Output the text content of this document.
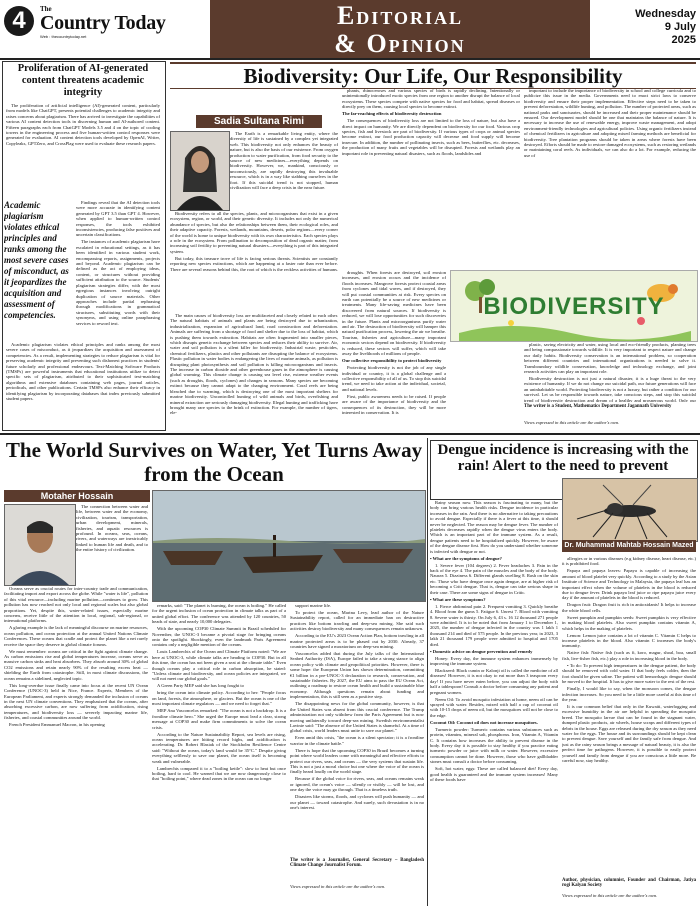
4	The
Country Today
Web : thecountrytoday.net
Editorial
& Opinion
Wednesday
9 July
2025
Proliferation of AI-generated content threatens academic integrity

The proliferation of artificial intelligence (AI)-generated content, particularly from models like ChatGPT, presents potential challenges to academic integrity and raises concerns about plagiarism. There has arrived to investigate the capabilities of various AI content detection tools in discerning human and AI-authored content. Fifteen paragraphs each from ChatGPT Models 3.5 and 4 on the topic of cooling towers in the engineering process and five human-written control responses were generated for evaluation. AI content detection tools developed by OpenAI, Writer, Copyleaks, GPTZero, and CrossPlag were used to evaluate these research papers.

Academic plagiarism violates ethical principles and ranks among the most severe cases of misconduct, as it jeopardizes the acquisition and assessment of competencies.

Findings reveal that the AI detection tools were more accurate in identifying content generated by GPT 3.5 than GPT 4. However, when applied to human-written control responses, the tools exhibited inconsistencies, producing false positives and uncertain classifications.

The instances of academic plagiarism have escalated in educational settings, as it has been identified in various student work, encompassing reports, assignments, projects and beyond. Academic plagiarism can be defined as the act of employing ideas, content, or structures without providing sufficient attribution to the source. Students' plagiarism strategies differ, with the most egregious instances involving outright duplication of source materials. Other approaches include partial rephrasing through modifications in grammatical structures, substituting words with their synonyms, and using online paraphrasing services to reword text.

Academic plagiarism violates ethical principles and ranks among the most severe cases of misconduct, as it jeopardizes the acquisition and assessment of competencies. As a result, implementing strategies to reduce plagiarism is vital for preserving academic integrity and preventing such dishonest practices in students' future scholarly and professional endeavours. Text-Matching Software Products (TMSPs) are powerful instruments that educational institutions utilize to detect specific sets of plagiarism, attributed to their sophisticated text-matching algorithms and extensive databases containing web pages, journal articles, periodicals, and other publications. Certain TMSPs also enhance their efficacy in identifying plagiarism by incorporating databases that index previously submitted student papers.

Biodiversity: Our Life, Our Responsibility
Sadia Sultana Rimi

The Earth is a remarkable living entity, where the diversity of life is sustained by a complex yet integrated web. This biodiversity not only enhances the beauty of nature, but is also the basis of our existence. From oxygen production to water purification, from food security to the source of new medicines—everything depends on biodiversity. However, we, mankind, consciously or unconsciously, are rapidly destroying this invaluable resource, which is in a way like stabbing ourselves in the foot. If this suicidal trend is not stopped, human civilization will face a deep crisis in the near future.

Biodiversity refers to all the species, plants, and microorganisms that exist in a given ecosystem, region, or world, and their genetic diversity. It includes not only the numerical abundance of species, but also the relationships between them, their ecological roles, and their adaptive capacity. Forests, wetlands, mountains, deserts, polar regions—every corner of the world is home to unique biodiversity with its own characteristics. Each species plays a role in the ecosystem. From pollination to decomposition of dead organic matter, from increasing soil fertility to preventing natural disasters—everything is part of this integrated system.

But today, this treasure trove of life is facing serious threats. Scientists are constantly reporting new species extinctions, which are happening at a faster rate than ever before. There are several reasons behind this, the root of which is the reckless activities of humans.

The main causes of biodiversity loss are multifaceted and closely related to each other. The natural habitats of animals and plants are being destroyed due to urbanization, industrialization, expansion of agricultural land, road construction and deforestation. Animals are suffering from a shortage of food and shelter due to the loss of habitat, which is pushing them towards extinction. Habitats are often fragmented into smaller pieces, which disrupts genetic exchange between species and reduces their ability to survive. Air, water and soil pollution is a silent killer for biodiversity. Industrial waste, pesticides, chemical fertilizers, plastics and other pollutants are disrupting the balance of ecosystems. Plastic pollution in water bodies is endangering the lives of marine animals, as pollution is disrupting plant photosynthesis and soil pollution is killing microorganisms and insects. The increase in carbon dioxide and other greenhouse gases in the atmosphere is causing global warming. This climate change is causing sea level rise, extreme weather events (such as droughts, floods, cyclones) and changes in seasons. Many species are becoming extinct because they cannot adapt to the changing environment. Coral reefs are being bleached due to warming, which is destroying one of the most important shelters for marine biodiversity. Uncontrolled hunting of wild animals and birds, overfishing and mineral extraction are seriously damaging biodiversity. Illegal hunting and trafficking have brought many rare species to the brink of extinction. For example, the number of tigers, ele-

phants, rhinoceroses and various species of birds is rapidly declining. Intentionally or unintentionally introduced exotic species from one region to another disrupt the balance of local ecosystems. These species compete with native species for food and habitat, spread diseases or directly prey on them, causing local species to become extinct.

The far-reaching effects of biodiversity destruction

The consequences of biodiversity loss are not limited to the loss of nature, but also have a direct impact on humanity. We are directly dependent on biodiversity for our food. Various crop species, fish and livestock are part of biodiversity. If various types of crops or animal species become extinct, our food production capacity will decrease and food supply will become insecure. In addition, the number of pollinating insects, such as bees, butterflies, etc. decreases, the production of many fruits and vegetables will be disrupted. Forests and wetlands play an important role in preventing natural disasters, such as floods, landslides and

important to include the importance of biodiversity in school and college curricula and to publicize this issue in the media. Governments need to enact strict laws to conserve biodiversity and ensure their proper implementation. Effective steps need to be taken to prevent deforestation, wildlife hunting, and pollution. The number of protected areas, such as national parks and sanctuaries, should be increased and their proper maintenance should be ensured. Our development model should be one that maintains the balance of nature. It is necessary to increase the use of renewable energy, improve waste management, and adopt environment-friendly technologies and agricultural policies. Using organic fertilizers instead of chemical fertilizers in agriculture and adopting mixed farming methods are beneficial for biodiversity. Tree plantation programs should be taken in areas where forests have been destroyed. Efforts should be made to restore damaged ecosystems, such as restoring wetlands or maintaining coral reefs. As individuals, we can also do a lot. For example, reducing the use of

BIODIVERSITY

droughts. When forests are destroyed, soil erosion increases, and erosion occurs and the incidence of floods increases. Mangrove forests protect coastal areas from cyclones and tidal waves, and if destroyed, they will put coastal communities at risk. Every species on earth can potentially be a source of new medicines or treatments. Many life-saving medicines have been discovered from natural sources. If biodiversity is reduced, we will lose opportunities for such discoveries in the future. Plants and microorganisms purify water and air. The destruction of biodiversity will hamper this natural purification process, lowering the air we breathe. Tourism, fisheries and agriculture—many important economic sectors depend on biodiversity. If biodiversity is reduced, these sectors will suffer, which will take away the livelihoods of millions of people.

Our collective responsibility to protect biodiversity

Protecting biodiversity is not the job of any single individual or country, it is a global challenge and a collective responsibility of all of us. To stop this suicidal trend, we need to take action at the individual, societal, and national levels.

First, public awareness needs to be raised. If people are aware of the importance of biodiversity and the consequences of its destruction, they will be more interested in conservation. It is

plastic, saving electricity and water, using local and eco-friendly products, planting trees and being compassionate towards wildlife. It is very important to respect nature and change our daily habits. Biodiversity conservation is an international problem, so cooperation between different countries and international organizations is needed to solve it. Transboundary wildlife conservation, knowledge and technology exchange, and joint research activities can play an important role.

Biodiversity destruction is not just a natural disaster, it is a huge threat to the very existence of humanity. If we do not change our suicidal path, our future generations will face an uninhabitable world. Protecting biodiversity is not a luxury, but rather a condition for our survival. Let us be responsible towards nature, take conscious steps, and stop this suicidal trend of biodiversity destruction and dream of a healthy and prosperous world. Only our

The writer is a Student, Mathematics Department Jagannath University
Views expressed in this article are the author's own.
The World Survives on Water, Yet Turns Away from the Ocean
Motaher Hossain

The connection between water and life, between water and the economy, civilization, tourism, transportation, urban development, minerals, fisheries, and aquatic resources is profound. In oceans, seas, oceans, rivers, and waterways are inextricably linked to human life and death, and to the entire history of civilization.

Oceans serve as crucial routes for inter-country trade and communication, facilitating import and export across the globe. While "water is life", pollution of this vital resource—including marine pollution—continues to grow. This pollution has now reached not only local and regional scales but also global proportions. Yet, despite this, water-related issues, especially marine concerns, receive little of the attention in local, regional, sub-regional, or international platforms.

A glaring example is the lack of meaningful discourse on marine resources, ocean pollution, and ocean protection at the annual United Nations Climate Conferences. These oceans that cradle and protect the planet like a net rarely receive the space they deserve in global climate forums.

We must remember: oceans are critical in the fight against climate change. As carbon emissions rise and global temperatures increase, oceans serve as massive carbon sinks and heat absorbers. They absorb around 30% of global CO2 emissions and retain nearly 90% of the resulting excess heat — shielding the Earth from catastrophe. Still, in most climate discussions, the ocean remains a sidelined, neglected topic.

This long-overdue issue finally came into focus at the recent UN Ocean Conference (UNOC-3) held in Nice, France. Experts, Members of the European Parliament, and experts strongly demanded the inclusion of oceans in the next UN climate conventions. They emphasized that the oceans, after absorbing excessive carbon, are now suffering from acidification, rising temperatures, and biodiversity loss — severely impacting marine life, fisheries, and coastal communities around the world.

French President Emmanuel Macron, in his opening

remarks, said: "The planet is burning, the ocean is boiling." He called for the urgent inclusion of ocean protection in climate talks as part of a united global effort. The conference was attended by 120 countries, 50 heads of state, and nearly 10,000 delegates.

With the upcoming COP30 Climate Summit in Brazil scheduled for November, the UNOC-3 became a pivotal stage for bringing oceans onto the spotlight. Shockingly, even the landmark Paris Agreement contains only a negligible mention of the oceans.

Louis Lambrechts of the Ocean and Climate Platform noted: "We are here at UNOC-3, while climate talks are heading to COP30. But in all this time, the ocean has not been given a seat at the climate table." Even though oceans play a critical role in carbon absorption, he stated: "Unless climate and biodiversity, and ocean policies are integrated, we will not meet our global goals."

A Green Party MEP said she has long fought to

bring the ocean into climate policy. According to her: "People focus on land, forests, the atmosphere, or glaciers. But the ocean is one of the most important climate regulators — and we need to forget that."

MEP Ana Vasconcelos remarked: "The ocean is not a backdrop. It is a frontline climate hero." She urged the Europe must lead a clear, strong message at COP30 and make firm commitments to solve the ocean crisis.

According to the Nature Sustainability Report, sea levels are rising, ocean temperatures are hitting record highs, and acidification is accelerating. Dr. Robert Blasiak of the Stockholm Resilience Centre said: "Without the ocean, today's land would be 35°C." Despite giving everything selflessly to save our planet, the ocean itself is becoming weak and vulnerable.

Lambrechts compared it to a "boiling kettle": slow to heat but once boiling, hard to cool. He warned that we are now dangerously close to that "boiling point," where dead zones in the ocean can no longer

support marine life.

To protect the ocean, Marina Levy, lead author of the Nature Sustainability report, called for an immediate ban on destructive practices like bottom trawling and deep-sea mining. She said such activities destroy biodiversity and many consequences remain unknown.

According to the EU's 2023 Ocean Action Plan, bottom trawling in all marine protected areas is to be phased out by 2030. Already, 37 countries have signed a moratorium on deep-sea mining.

Vasconcelos added that during the July talks of the International Seabed Authority (ISA), Europe failed to take a strong stance to align ocean policy with climate and geopolitical priorities. However, there is some hope: the European Union has shown determination, committing €1 billion in a pre-UNOC-3 declaration to research, conservation, and sustainable fisheries. By 2027, the EU aims to pass the EU Ocean Act, outlining a roadmap to restore ocean health and build a sustainable blue economy. Although questions remain about funding and implementation, this is still seen as a positive step.

The disappointing news for the global community, however, is that the United States was absent from this crucial conference. The Trump administration not only withdrew from the Paris Agreement but is now moving unilaterally toward deep-sea mining. Swedish environmentalist Lavinie said: "The absence of the United States is shameful. At a time of global crisis, world leaders must unite to save our planet."

Even amid this crisis, "the ocean is a silent spectator; it is a frontline warrior in the climate battle."

There is hope that the upcoming COP30 in Brazil becomes a turning point where world leaders come with meaningful and effective efforts to protect our rivers, seas, and oceans — the very systems that sustain life. This is not a just a moral choice but one where the voice of the ocean is finally heard loudly on the world stage.

Because if the global voice for rivers, seas, and oceans remains weak or ignored, the ocean's voice — silently or visibly — will be lost, and one day the voice may go through. That is a timeless truth.

Disasters like storms, floods, and cyclones will push humanity — and our planet — toward catastrophe. And surely, such devastation is in no one's interest.

The writer is a Journalist, General Secretary – Bangladesh Climate Change Journalist Forum.
Views expressed in this article are the author's own.
Dengue incidence is increasing with the rain! Alert to the need to prevent
Dr. Muhammad Mahtab Hossain Mazed

Rainy season now. This season is fascinating to many, but the body can bring various health risks. Dengue incidence in particular increases in the rain. And there is no alternative to taking precautions to avoid dengue. Especially if there is a fever at this time, it should never be neglected. The reason may be dengue fever. The number of platelets decreases rapidly when the dengue virus enters the body. Which is an important part of the immune system. As a result, dengue patients need to be hospitalized quickly. However, be aware of the dengue disease first. How do you understand whether someone is infected with dengue or not.

• What are the symptoms of dengue?

1. Severe fever (104 degrees) 2. Fever headaches 3. Pain in the back of the eye 4. The pain of the muscles and the body of the body. Nausea 5. Dizziness 6. Different glands swelling 8. Rash on the skin etc. Those who have dengue once again dengue, are at higher risk of becoming a Criti dengue. That is, dengue can take serious shape in their case. There are some signs of dengue in Critic.

• What are these symptoms?

1. Fierce abdominal pain 2. Frequent vomiting 3. Quickly breathe 4. Blood from the gums 5. Fatigue 6. Unrest 7. Blood with vomiting 8. Severe water is thirsty. On July 6, 43 s. 16 12 thousand 271 people were admitted. It is to be noted that from January 1 to December 1, 2025, the number of dengue infected in the country was 1 lakh 1 thousand 214 and died of 575 people. In the previous year, in 2023, 3 lakh 21 thousand 179 people were admitted to hospital and 1705 died.

• Domestic advice on dengue prevention and remedy

Honey: Every day, the immune system enhances immensely by improving the immune system.

Blackseed: Black cumin or Kalonji oil is called the medicine of all diseases! However, it is not okay to eat more than 3 teaspoon every day! If you have never eaten before, you can adjust the body with half a tablespoon! Consult a doctor before consuming any patient and pregnant women.

Neem Oil: To avoid mosquito infestation at home, neem oil can be sprayed with water. Besides, mixed with half a cup of coconut oil with 10-15 drops of neem oil, but the mosquitoes will not be close to the edge.

Coconut Oil: Coconut oil does not increase mosquitoes.

Turmeric powder: Turmeric contains various substances such as protein, vitamins, mineral salt, phosphorus. Iron, Vitamin A, Vitamin C. It contains how increases the ability to prevent disease in the body. Every day it is possible to stay healthy if you practice eating turmeric powder or juice with milk or water. However, excessive consumption cannot be done. However, those who have gallbladder stones must consult a doctor before consuming.

Soft, hot water, eggs: These are called balanced diet! Every day, good health is guaranteed and the immune system increases! Many of these foods have

allergies or in various diseases (e.g kidney disease, heart disease, etc.) it is prohibited food.

Papaya and papaya leaves: Papaya is capable of increasing the amount of blood platelet very quickly. According to a study by the Asian Institute of Science and Technology in Malaysia, the papaya leaf has an important effect when the volume of platelets in the blood is reduced due to dengue fever. Drink papaya leaf juice or ripe papaya juice every day if the amount of platelets in the blood is reduced.

Dragon fruit: Dragon fruit is rich in antioxidants! It helps to increase the white blood cells.

Sweet pumpkin and pumpkin seeds: Sweet pumpkin is very effective in making blood platelets. Also sweet pumpkin contains vitamin A, which helps in the making of platelets.

Lemon: Lemon juice contains a lot of vitamin C. Vitamin C helps to increase platelets in the blood. Also vitamin C increases the body's immunity.

Native fish: Native fish (such as fi, koro, magur, shoal, boa, small fish, live-fisher fish, etc.) play a role in increasing blood in the body.

• To do: To prevent high temperatures in the dengue patient, the body should be removed with cold water. If that body feels colder, then the foot should be given saline. The patient will hemorrhagic dengue should be moved to the hospital. It has to give more water to the rest of the rest.

Finally, I would like to say, when the monsoon comes, the dengue infection increases. So you need to be a little more careful at this time of the year.

It is our common belief that only in the Kuwaiti, waterlogging and excessive humidity in the air are helpful in spreading the mosquito breed. The mosquito larvae that can be found in the stagnant water, dumped plastic products, air wheels, house scraps and different types of debris in the house. Eggs are released during the dry season as they need water for the eggs. The house and its surroundings should be kept clean to prevent dengue. Save yourself and the family safe from dengue. And just as the rainy season brings a message of natural beauty, it is also the perfect time for pathogens. However, it is possible to easily protect yourself and family from dengue if you are conscious a little more. Be careful now, stay healthy.

Author, physician, columnist, Founder and Chairman, Jatiya rogi Kalyan Society
Views expressed in this article are the author's own.
